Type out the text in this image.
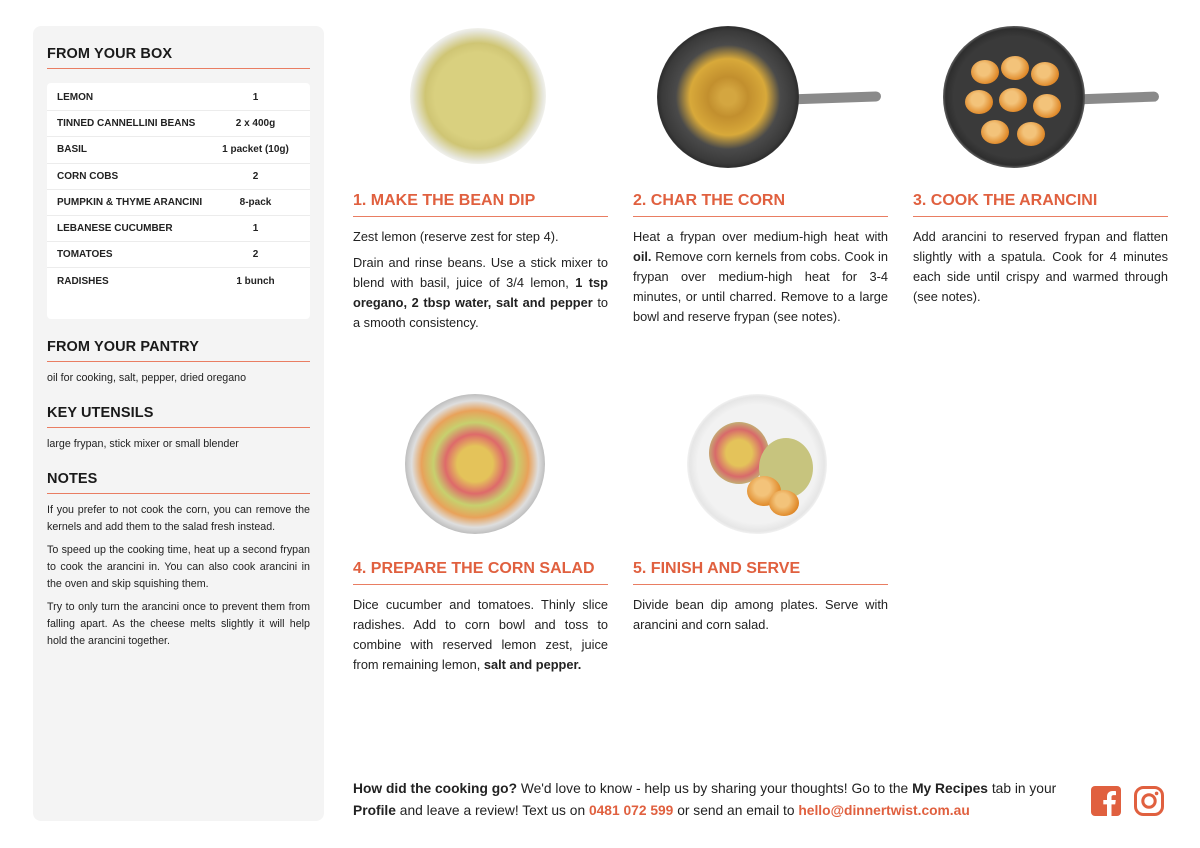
FROM YOUR BOX
LEMON	1
TINNED CANNELLINI BEANS	2 x 400g
BASIL	1 packet (10g)
CORN COBS	2
PUMPKIN & THYME ARANCINI	8-pack
LEBANESE CUCUMBER	1
TOMATOES	2
RADISHES	1 bunch
FROM YOUR PANTRY

oil for cooking, salt, pepper, dried oregano

KEY UTENSILS

large frypan, stick mixer or small blender

NOTES

If you prefer to not cook the corn, you can remove the kernels and add them to the salad fresh instead.

To speed up the cooking time, heat up a second frypan to cook the arancini in. You can also cook arancini in the oven and skip squishing them.

Try to only turn the arancini once to prevent them from falling apart. As the cheese melts slightly it will help hold the arancini together.

1. MAKE THE BEAN DIP

Zest lemon (reserve zest for step 4).

Drain and rinse beans. Use a stick mixer to blend with basil, juice of 3/4 lemon, 1 tsp oregano, 2 tbsp water, salt and pepper to a smooth consistency.

2. CHAR THE CORN

Heat a frypan over medium-high heat with oil. Remove corn kernels from cobs. Cook in frypan over medium-high heat for 3-4 minutes, or until charred. Remove to a large bowl and reserve frypan (see notes).

3. COOK THE ARANCINI

Add arancini to reserved frypan and flatten slightly with a spatula. Cook for 4 minutes each side until crispy and warmed through (see notes).

4. PREPARE THE CORN SALAD

Dice cucumber and tomatoes. Thinly slice radishes. Add to corn bowl and toss to combine with reserved lemon zest, juice from remaining lemon, salt and pepper.

5. FINISH AND SERVE

Divide bean dip among plates. Serve with arancini and corn salad.

How did the cooking go? We'd love to know - help us by sharing your thoughts! Go to the My Recipes tab in your Profile and leave a review! Text us on 0481 072 599 or send an email to hello@dinnertwist.com.au
